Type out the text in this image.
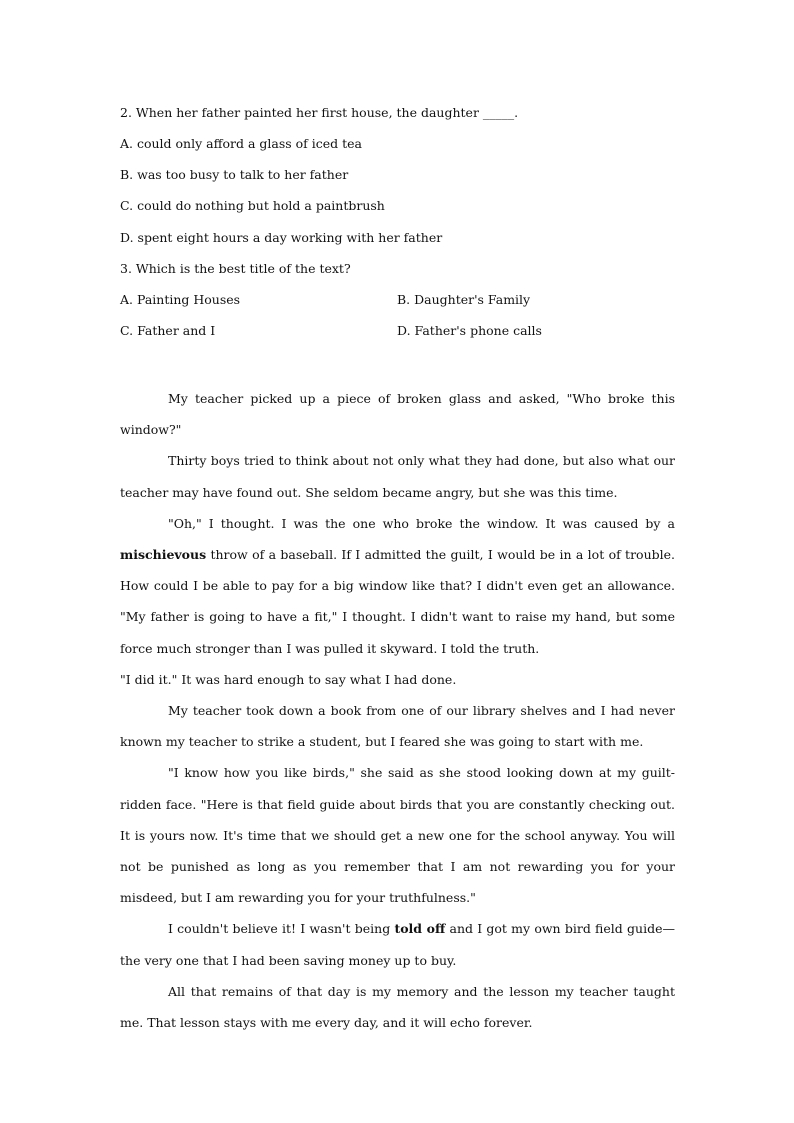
2. When her father painted her first house, the daughter _____.
A. could only afford a glass of iced tea
B. was too busy to talk to her father
C. could do nothing but hold a paintbrush
D. spent eight hours a day working with her father
3. Which is the best title of the text?
A. Painting Houses	B. Daughter's Family
C. Father and I	D. Father's phone calls

My teacher picked up a piece of broken glass and asked, "Who broke this window?"

Thirty boys tried to think about not only what they had done, but also what our teacher may have found out. She seldom became angry, but she was this time.

"Oh," I thought. I was the one who broke the window. It was caused by a mischievous throw of a baseball. If I admitted the guilt, I would be in a lot of trouble. How could I be able to pay for a big window like that? I didn't even get an allowance. "My father is going to have a fit," I thought. I didn't want to raise my hand, but some force much stronger than I was pulled it skyward. I told the truth.

"I did it." It was hard enough to say what I had done.

My teacher took down a book from one of our library shelves and I had never known my teacher to strike a student, but I feared she was going to start with me.

"I know how you like birds," she said as she stood looking down at my guilt-ridden face. "Here is that field guide about birds that you are constantly checking out. It is yours now. It's time that we should get a new one for the school anyway. You will not be punished as long as you remember that I am not rewarding you for your misdeed, but I am rewarding you for your truthfulness."

I couldn't believe it! I wasn't being told off and I got my own bird field guide—the very one that I had been saving money up to buy.

All that remains of that day is my memory and the lesson my teacher taught me. That lesson stays with me every day, and it will echo forever.
